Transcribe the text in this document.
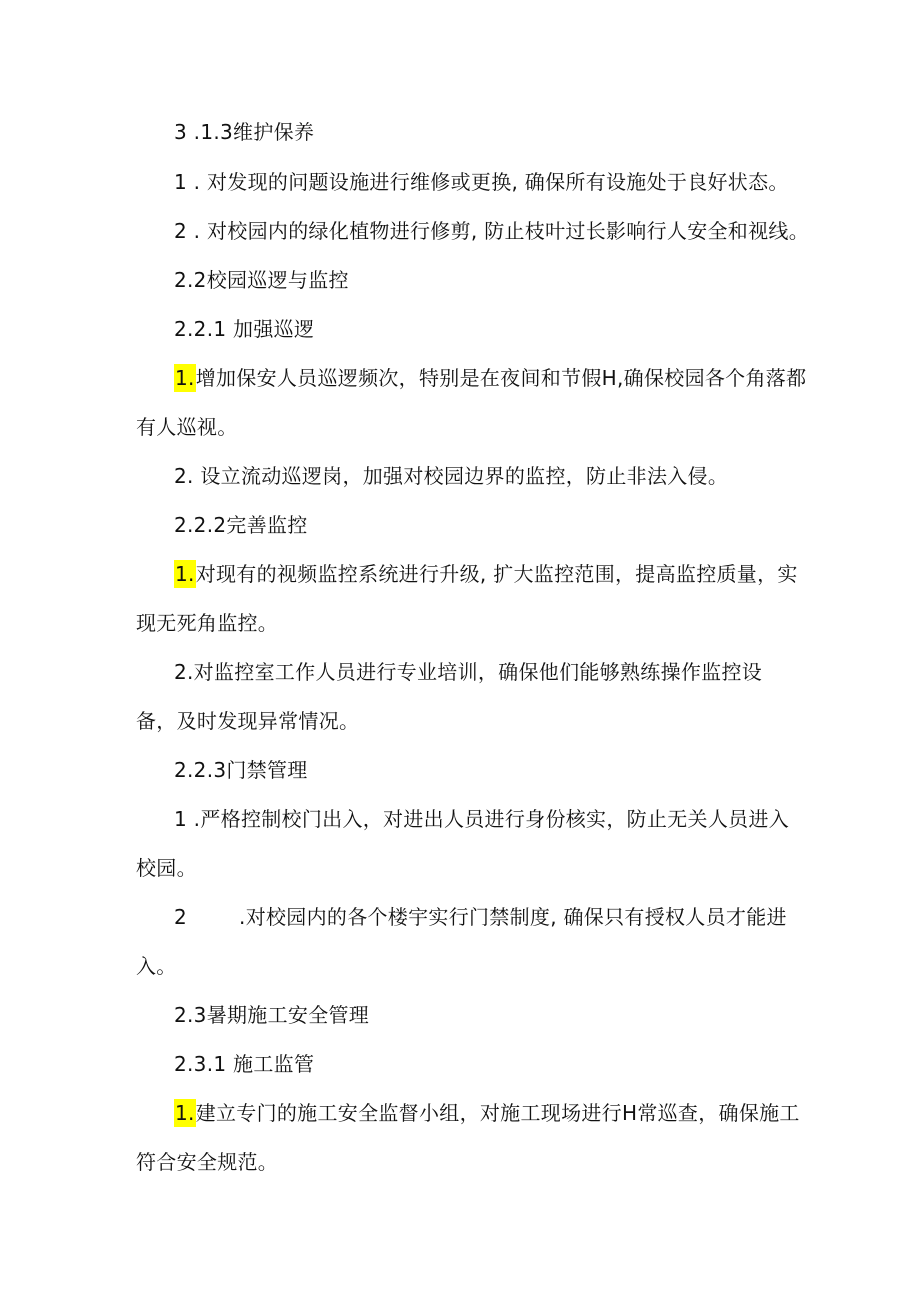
3 .1.3维护保养
1 . 对发现的问题设施进行维修或更换, 确保所有设施处于良好状态。
2 . 对校园内的绿化植物进行修剪, 防止枝叶过长影响行人安全和视线。
2.2校园巡逻与监控
2.2.1 加强巡逻
1.增加保安人员巡逻频次，特别是在夜间和节假H,确保校园各个角落都
有人巡视。
2. 设立流动巡逻岗，加强对校园边界的监控，防止非法入侵。
2.2.2完善监控
1.对现有的视频监控系统进行升级, 扩大监控范围，提高监控质量，实
现无死角监控。
2.对监控室工作人员进行专业培训，确保他们能够熟练操作监控设
备，及时发现异常情况。
2.2.3门禁管理
1 .严格控制校门出入，对进出人员进行身份核实，防止无关人员进入
校园。
2	.对校园内的各个楼宇实行门禁制度, 确保只有授权人员才能进
入。
2.3暑期施工安全管理
2.3.1 施工监管
1.建立专门的施工安全监督小组，对施工现场进行H常巡查，确保施工
符合安全规范。
